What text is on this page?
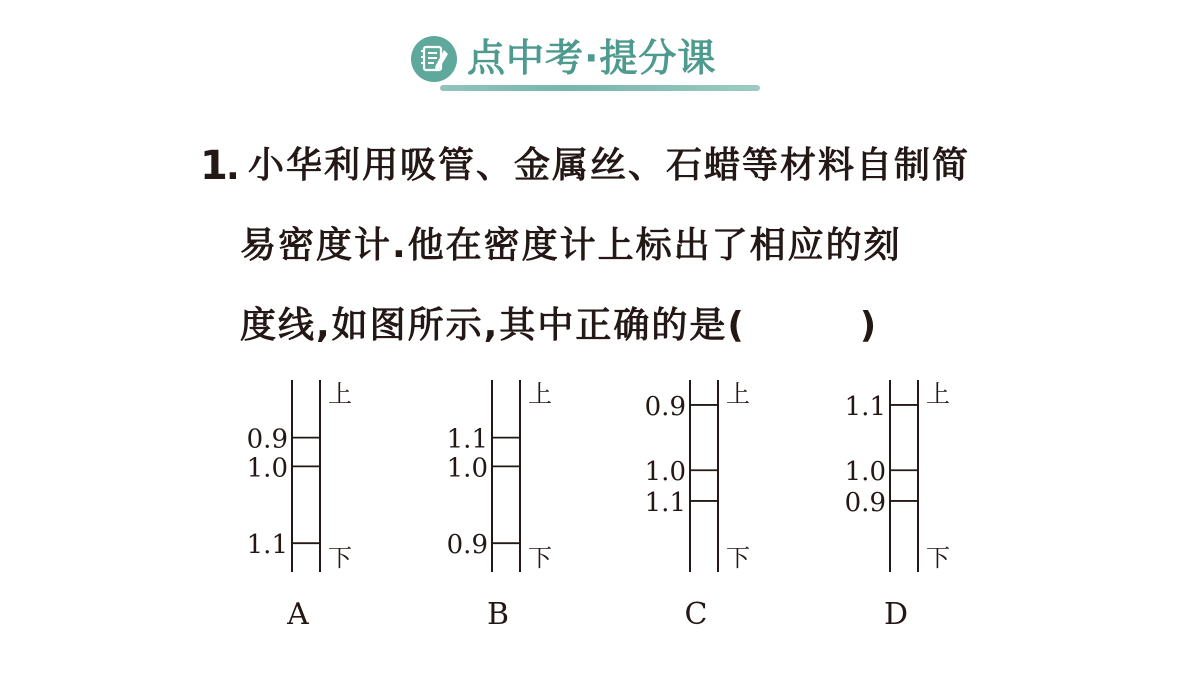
点中考·提分课
1
. 小华利用吸管、金属丝、石蜡等材料自制简
易密度计.他在密度计上标出了相应的刻
度线,如图所示,其中正确的是(　　　)
0.9
1.0
1.1
上
下
A
1.1
1.0
0.9
上
下
B
0.9
1.0
1.1
上
下
C
1.1
1.0
0.9
上
下
D
